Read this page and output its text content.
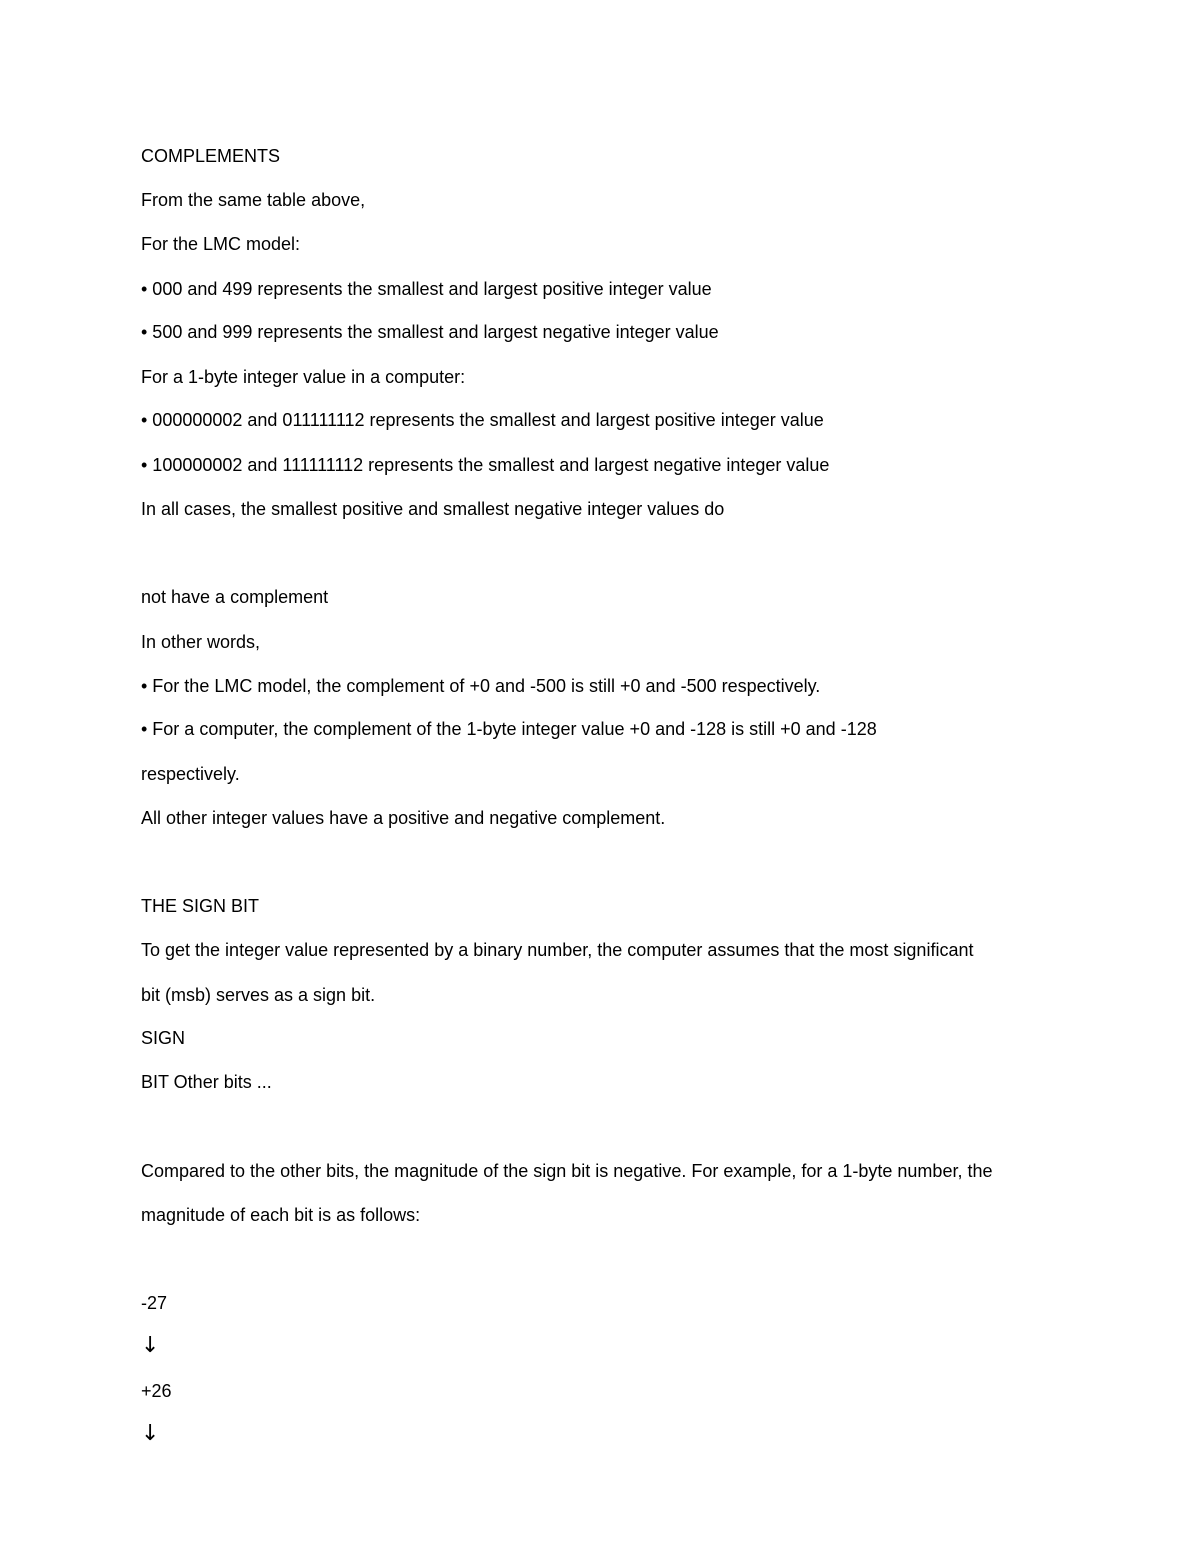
COMPLEMENTS
From the same table above,
For the LMC model:
• 000 and 499 represents the smallest and largest positive integer value
• 500 and 999 represents the smallest and largest negative integer value
For a 1-byte integer value in a computer:
• 000000002 and 011111112 represents the smallest and largest positive integer value
• 100000002 and 111111112 represents the smallest and largest negative integer value
In all cases, the smallest positive and smallest negative integer values do
not have a complement
In other words,
• For the LMC model, the complement of +0 and -500 is still +0 and -500 respectively.
• For a computer, the complement of the 1-byte integer value +0 and -128 is still +0 and -128
respectively.
All other integer values have a positive and negative complement.
THE SIGN BIT
To get the integer value represented by a binary number, the computer assumes that the most significant
bit (msb) serves as a sign bit.
SIGN
BIT Other bits ...
Compared to the other bits, the magnitude of the sign bit is negative. For example, for a 1-byte number, the
magnitude of each bit is as follows:
-27
↓
+26
↓
